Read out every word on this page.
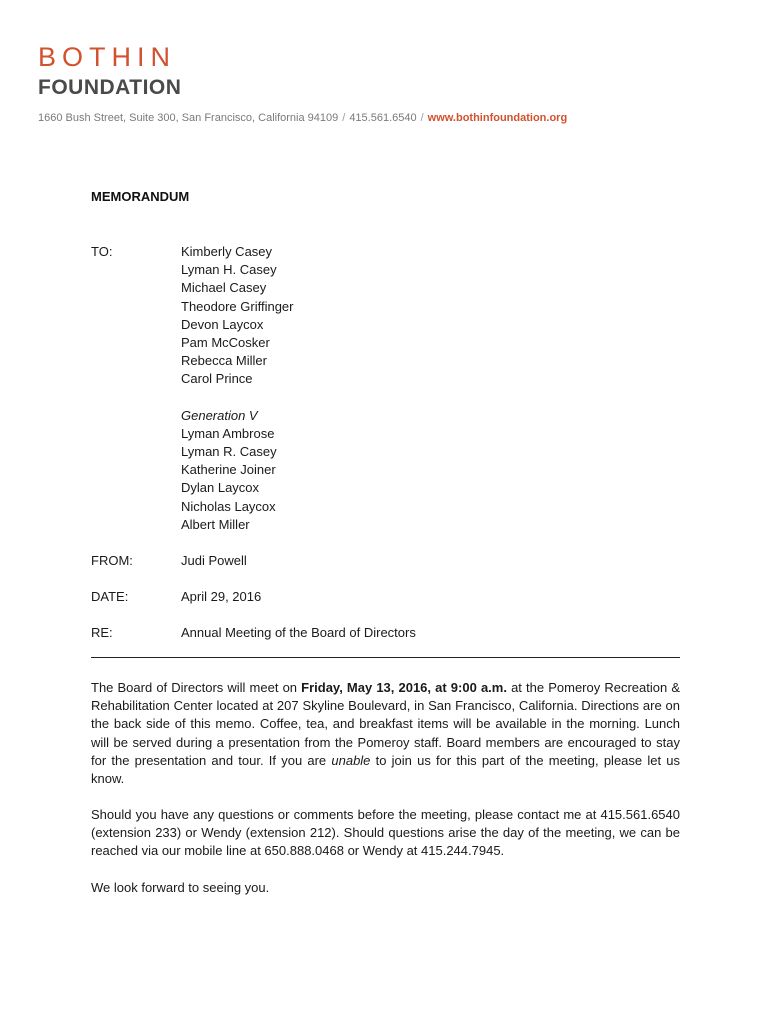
BOTHIN
FOUNDATION
1660 Bush Street, Suite 300, San Francisco, California 94109 / 415.561.6540 / www.bothinfoundation.org
MEMORANDUM
TO:	Kimberly Casey
Lyman H. Casey
Michael Casey
Theodore Griffinger
Devon Laycox
Pam McCosker
Rebecca Miller
Carol Prince
Generation V
Lyman Ambrose
Lyman R. Casey
Katherine Joiner
Dylan Laycox
Nicholas Laycox
Albert Miller
FROM:	Judi Powell
DATE:	April 29, 2016
RE:	Annual Meeting of the Board of Directors

The Board of Directors will meet on Friday, May 13, 2016, at 9:00 a.m. at the Pomeroy Recreation & Rehabilitation Center located at 207 Skyline Boulevard, in San Francisco, California. Directions are on the back side of this memo. Coffee, tea, and breakfast items will be available in the morning. Lunch will be served during a presentation from the Pomeroy staff. Board members are encouraged to stay for the presentation and tour. If you are unable to join us for this part of the meeting, please let us know.

Should you have any questions or comments before the meeting, please contact me at 415.561.6540 (extension 233) or Wendy (extension 212). Should questions arise the day of the meeting, we can be reached via our mobile line at 650.888.0468 or Wendy at 415.244.7945.

We look forward to seeing you.
